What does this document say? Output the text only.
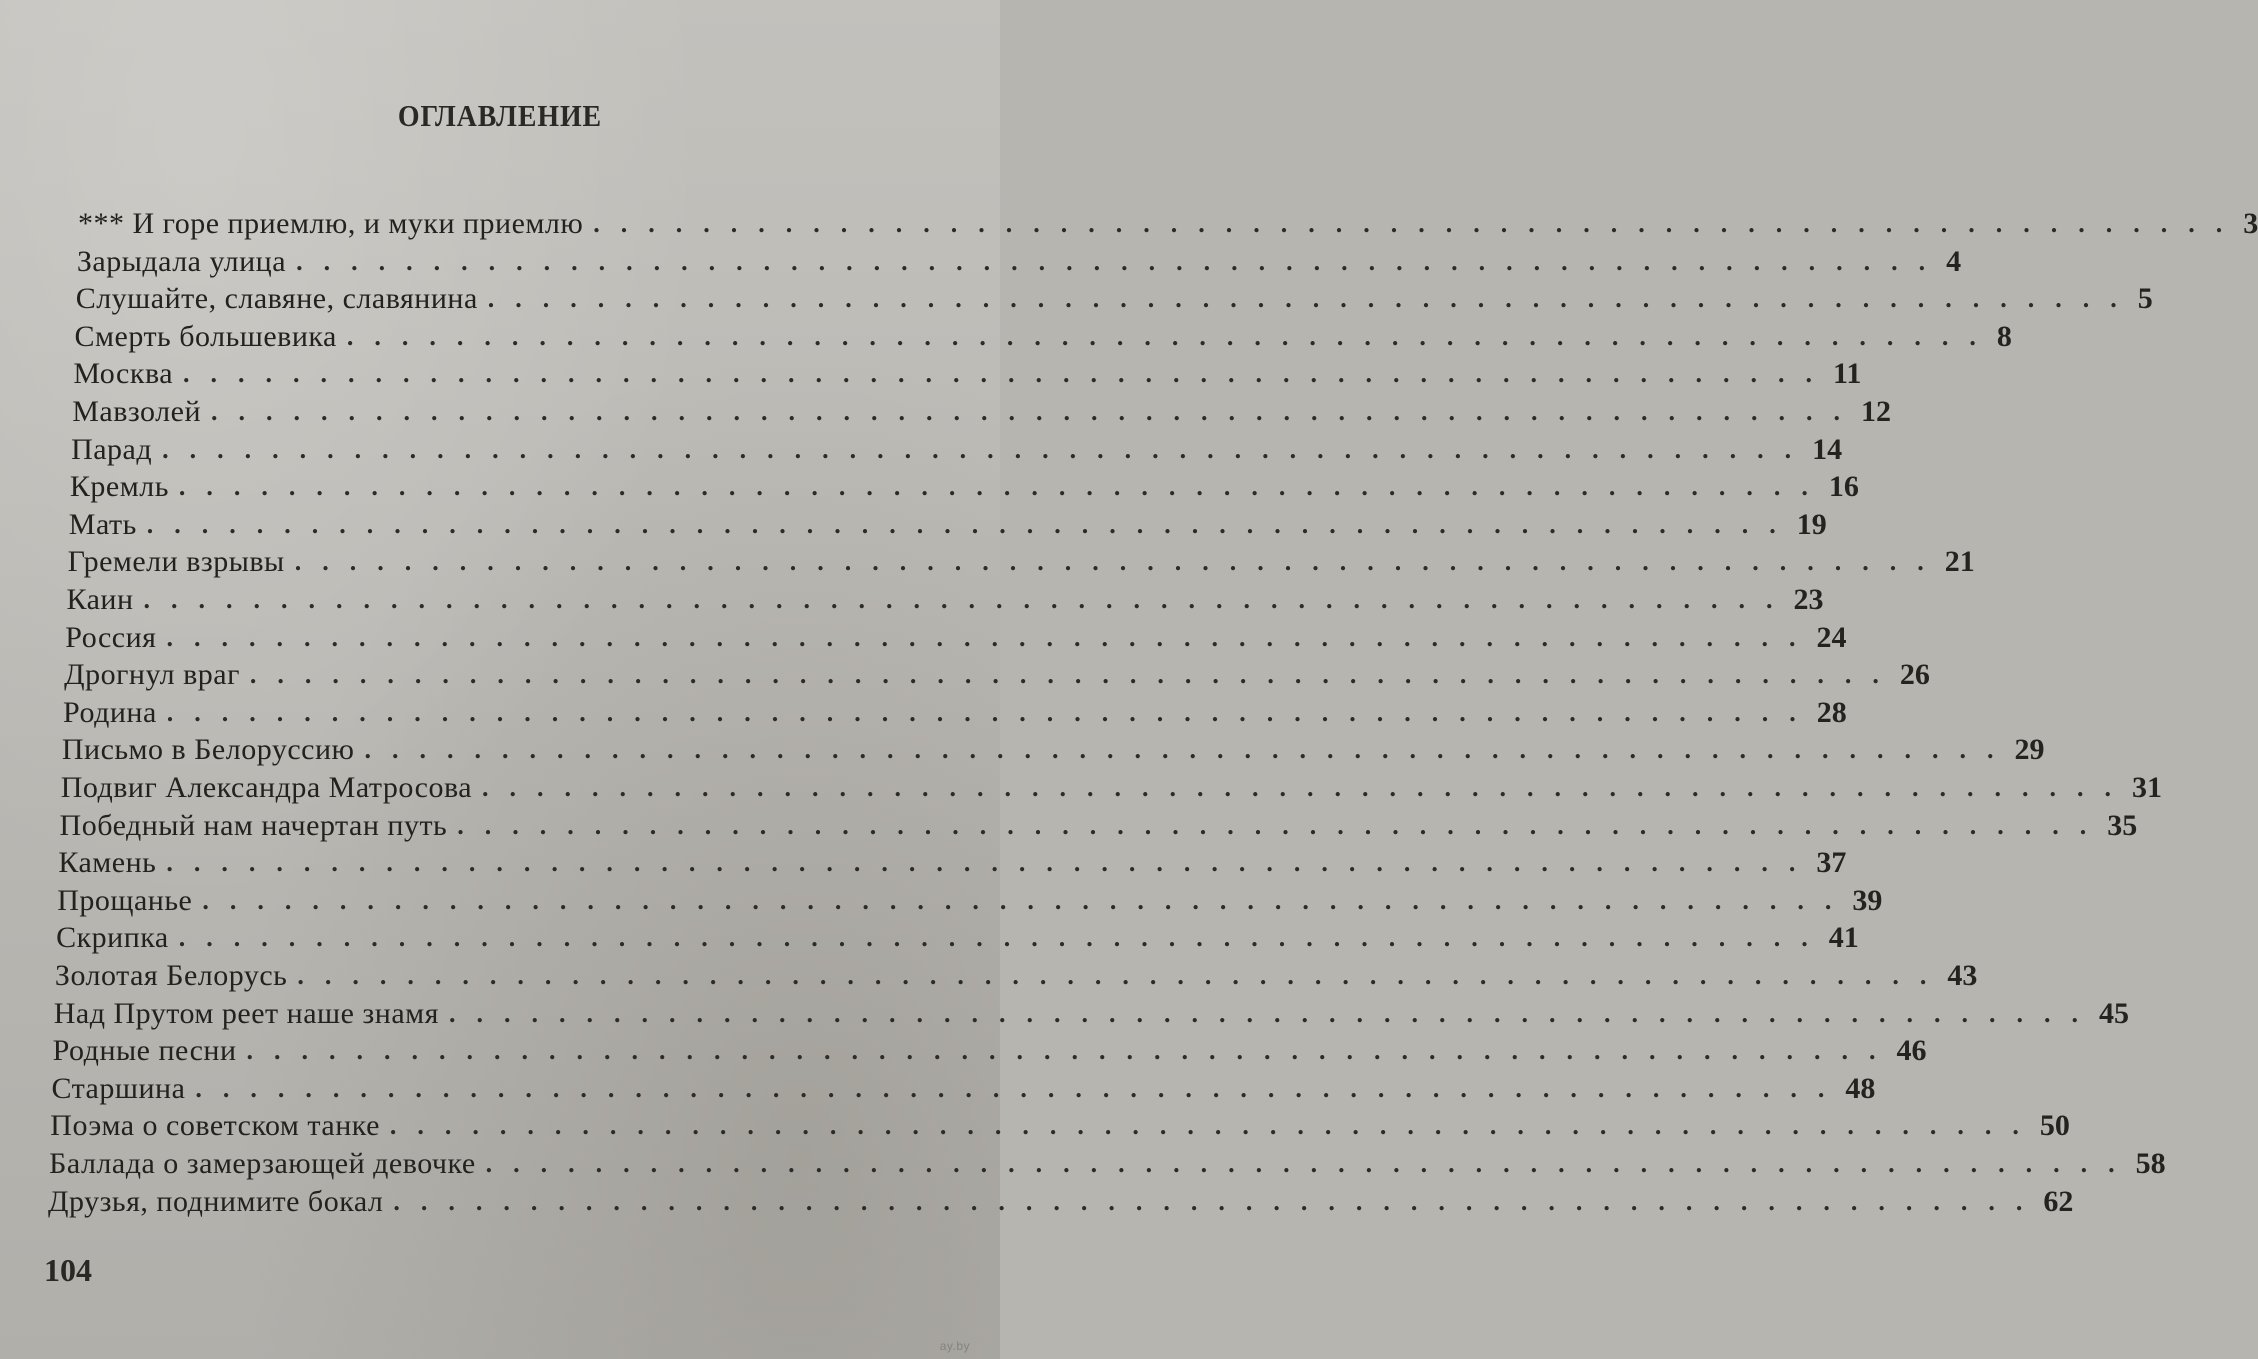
ОГЛАВЛЕНИЕ
*** И горе приемлю, и муки приемлю ............................................................ 3
Зарыдала улица ............................................................ 4
Слушайте, славяне, славянина ............................................................ 5
Смерть большевика ............................................................ 8
Москва ............................................................ 11
Мавзолей ............................................................ 12
Парад ............................................................ 14
Кремль ............................................................ 16
Мать ............................................................ 19
Гремели взрывы ............................................................ 21
Каин ............................................................ 23
Россия ............................................................ 24
Дрогнул враг ............................................................ 26
Родина ............................................................ 28
Письмо в Белоруссию ............................................................ 29
Подвиг Александра Матросова ............................................................ 31
Победный нам начертан путь ............................................................ 35
Камень ............................................................ 37
Прощанье ............................................................ 39
Скрипка ............................................................ 41
Золотая Белорусь ............................................................ 43
Над Прутом реет наше знамя ............................................................ 45
Родные песни ............................................................ 46
Старшина ............................................................ 48
Поэма о советском танке ............................................................ 50
Баллада о замерзающей девочке ............................................................ 58
Друзья, поднимите бокал ............................................................ 62
104
ay.by
